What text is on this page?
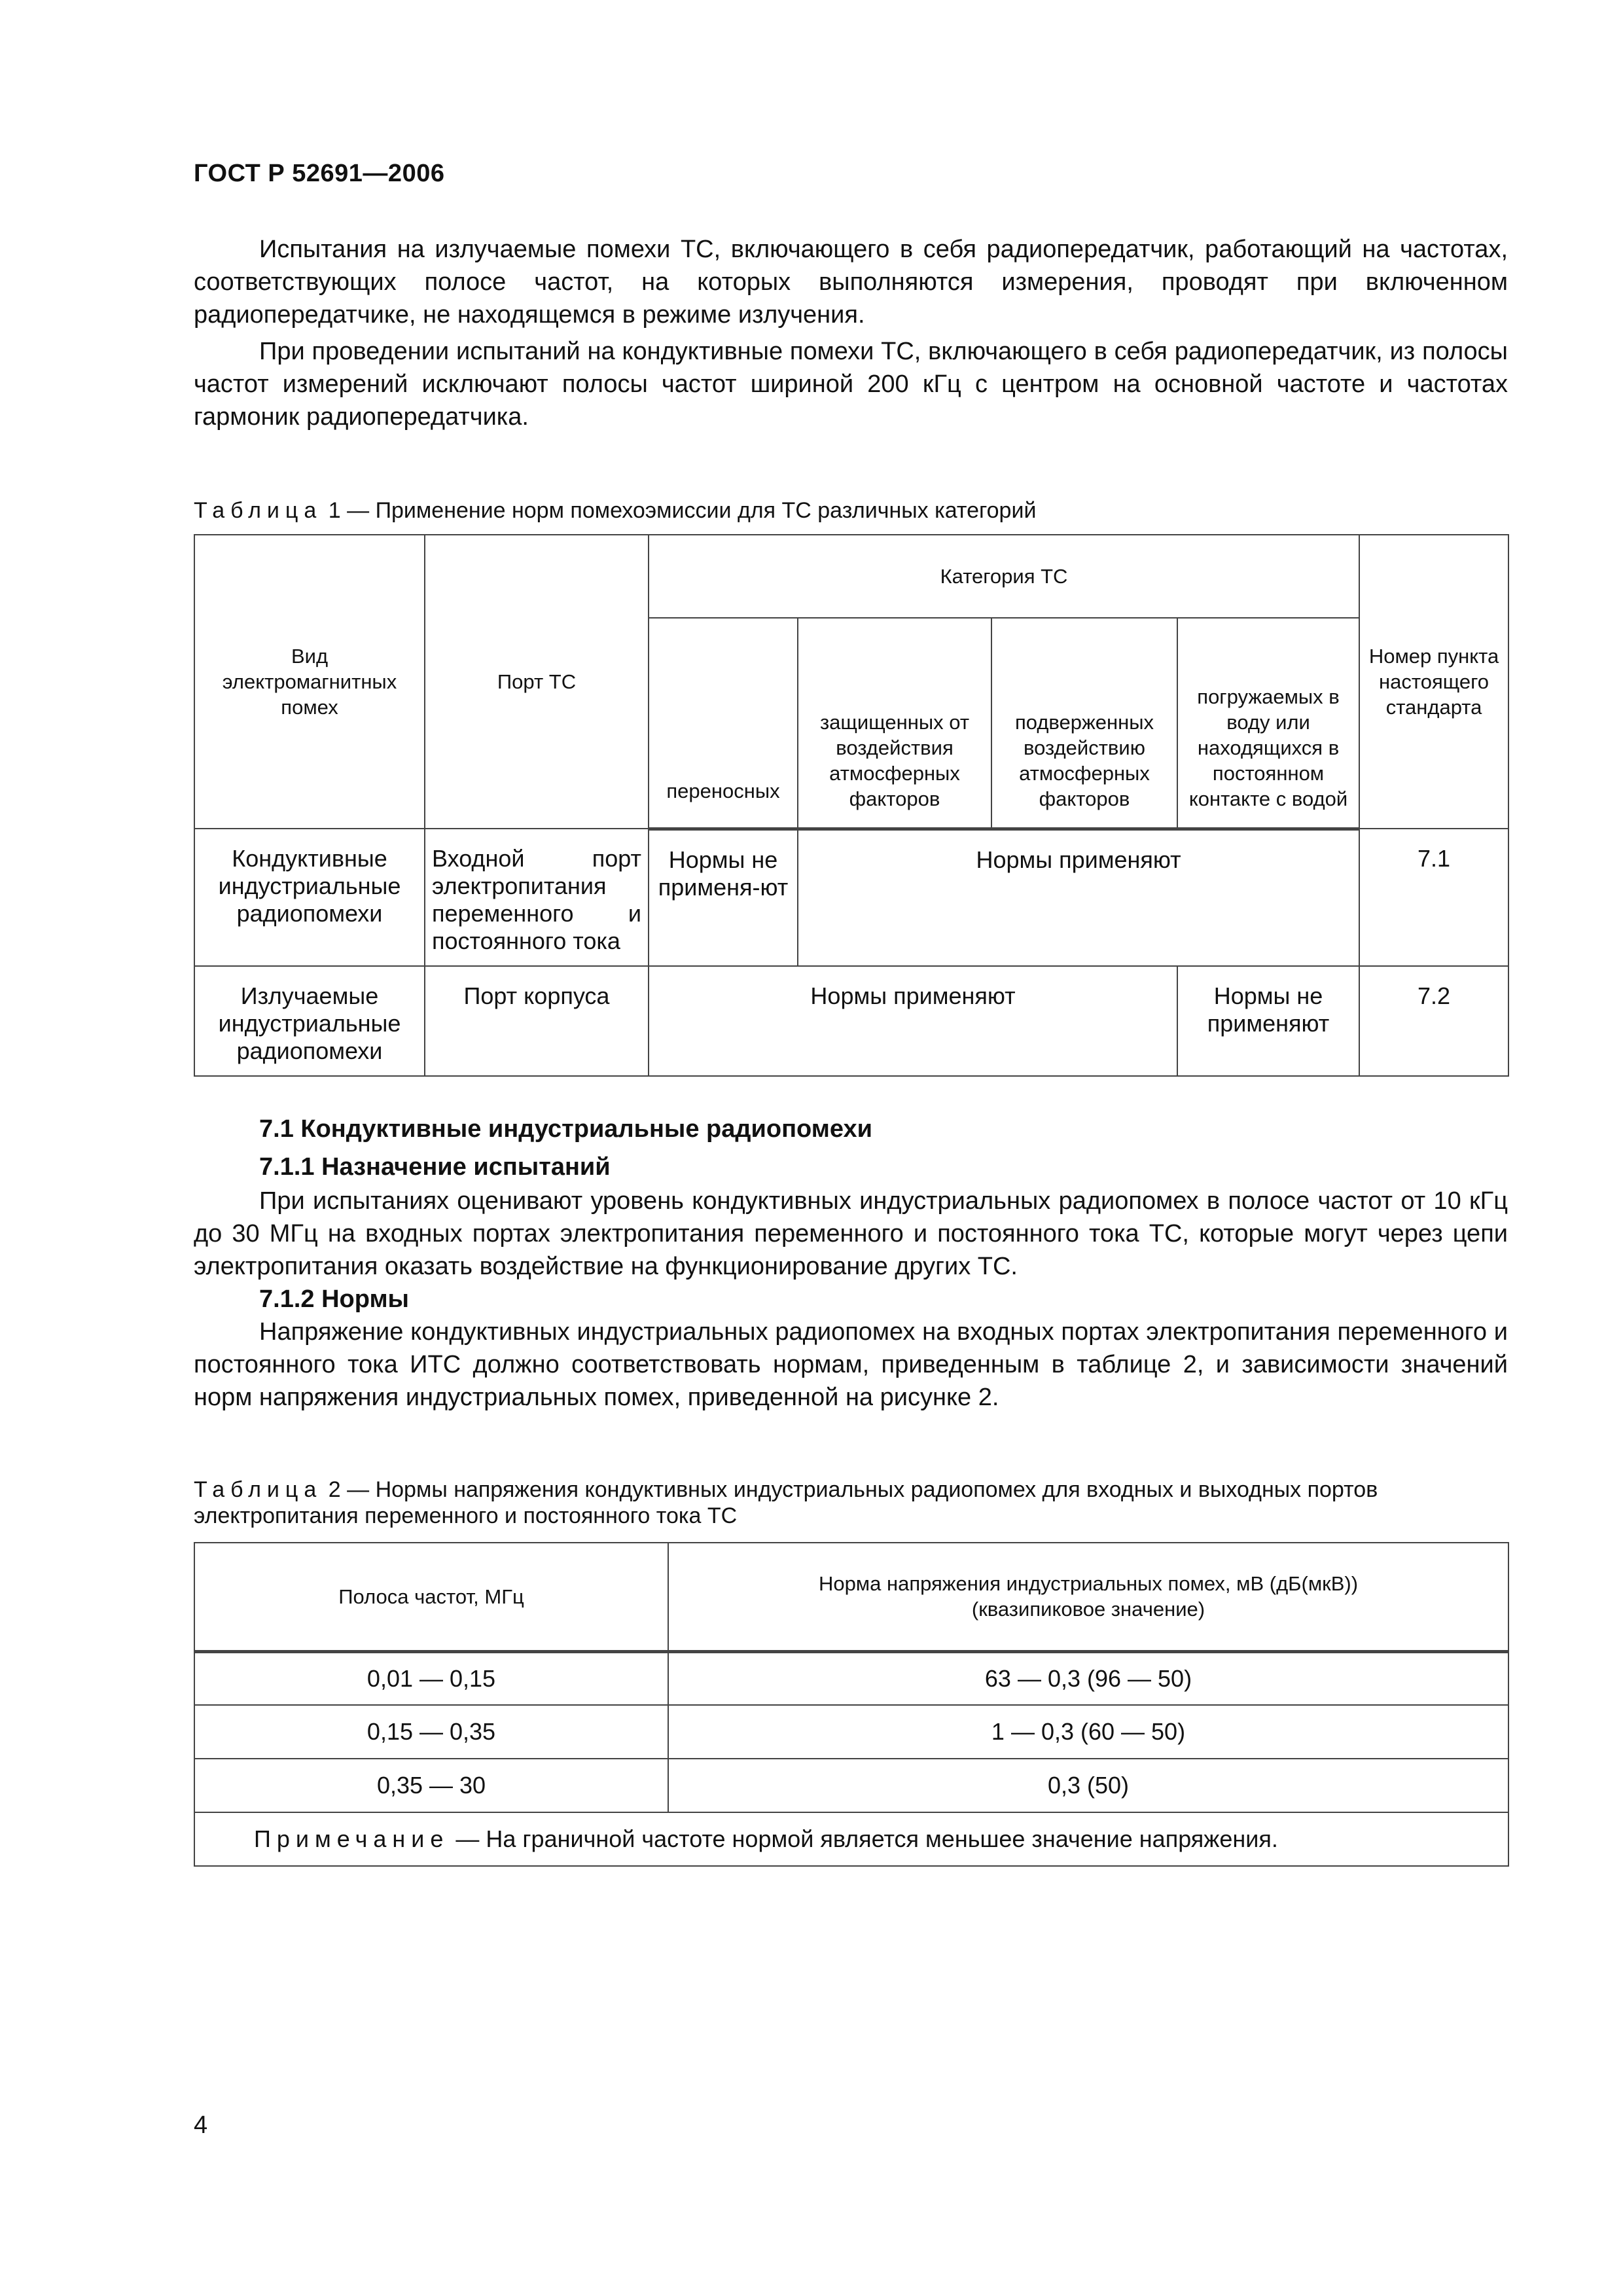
ГОСТ Р 52691—2006

Испытания на излучаемые помехи ТС, включающего в себя радиопередатчик, работающий на частотах, соответствующих полосе частот, на которых выполняются измерения, проводят при включенном радиопередатчике, не находящемся в режиме излучения.

При проведении испытаний на кондуктивные помехи ТС, включающего в себя радиопередатчик, из полосы частот измерений исключают полосы частот шириной 200 кГц с центром на основной частоте и частотах гармоник радиопередатчика.

Таблица 1 — Применение норм помехоэмиссии для ТС различных категорий
Вид электромагнитных помех	Порт ТС	Категория ТС				Номер пункта настоящего стандарта
		переносных	защищенных от воздействия атмосферных факторов	подверженных воздействию атмосферных факторов	погружаемых в воду или находящихся в постоянном контакте с водой	
Кондуктивные индустриальные радиопомехи	Входной порт электропитания переменного и постоянного тока	Нормы не применя-ют	Нормы применяют			7.1
Излучаемые индустриальные радиопомехи	Порт корпуса	Нормы применяют			Нормы не применяют	7.2
7.1 Кондуктивные индустриальные радиопомехи
7.1.1 Назначение испытаний

При испытаниях оценивают уровень кондуктивных индустриальных радиопомех в полосе частот от 10 кГц до 30 МГц на входных портах электропитания переменного и постоянного тока ТС, которые могут через цепи электропитания оказать воздействие на функционирование других ТС.

7.1.2 Нормы

Напряжение кондуктивных индустриальных радиопомех на входных портах электропитания переменного и постоянного тока ИТС должно соответствовать нормам, приведенным в таблице 2, и зависимости значений норм напряжения индустриальных помех, приведенной на рисунке 2.

Таблица 2 — Нормы напряжения кондуктивных индустриальных радиопомех для входных и выходных портов электропитания переменного и постоянного тока ТС
Полоса частот, МГц	Норма напряжения индустриальных помех, мВ (дБ(мкВ))
(квазипиковое значение)

0,01 — 0,15	63 — 0,3 (96 — 50)
0,15 — 0,35	1 — 0,3 (60 — 50)
0,35 — 30	0,3 (50)
Примечание — На граничной частоте нормой является меньшее значение напряжения.	
4
